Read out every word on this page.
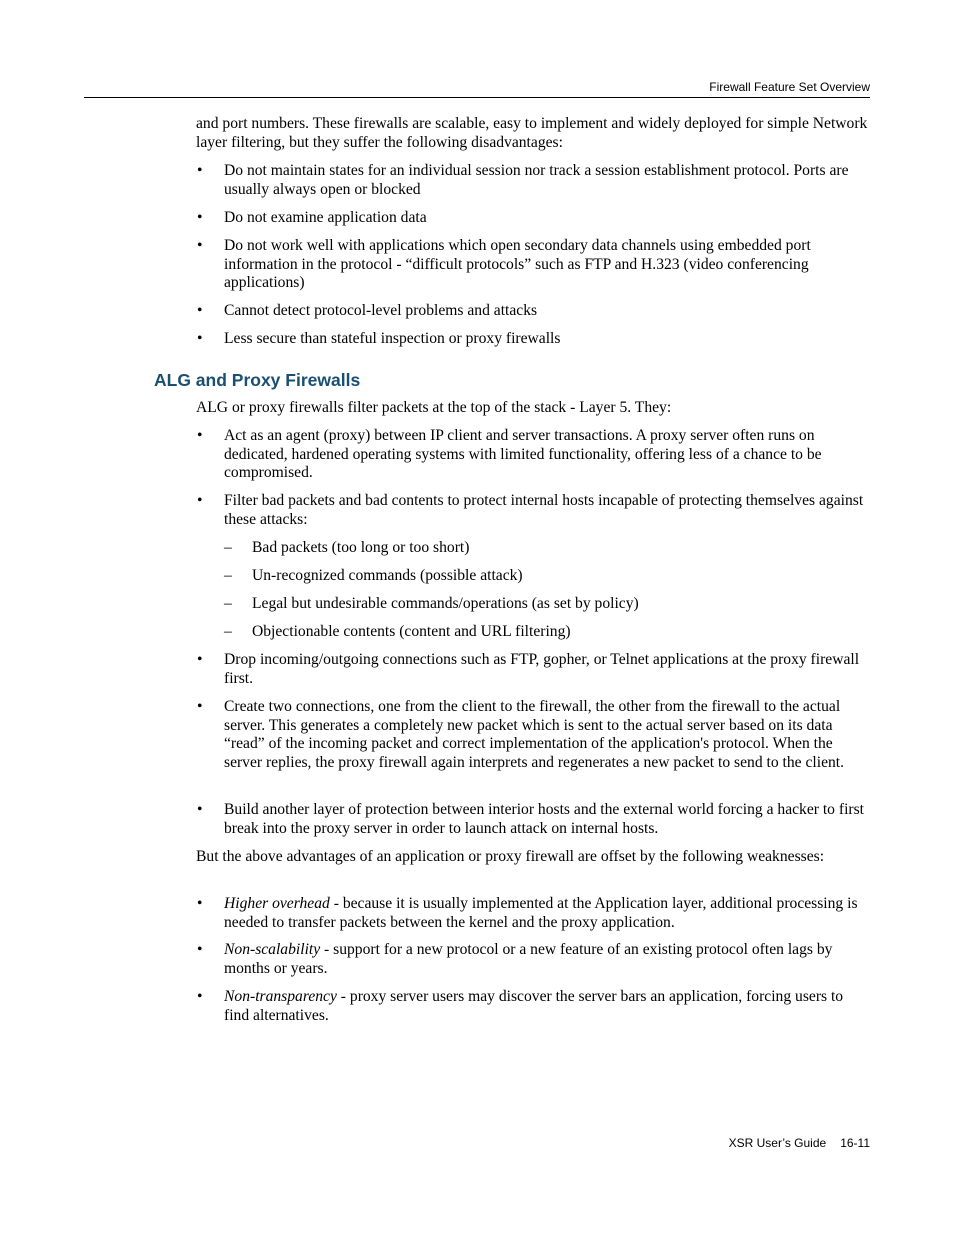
Firewall Feature Set Overview

and port numbers. These firewalls are scalable, easy to implement and widely deployed for simple Network layer filtering, but they suffer the following disadvantages:

• Do not maintain states for an individual session nor track a session establishment protocol. Ports are usually always open or blocked

• Do not examine application data

• Do not work well with applications which open secondary data channels using embedded port information in the protocol - “difficult protocols” such as FTP and H.323 (video conferencing applications)

• Cannot detect protocol-level problems and attacks

• Less secure than stateful inspection or proxy firewalls

ALG and Proxy Firewalls

ALG or proxy firewalls filter packets at the top of the stack - Layer 5. They:

• Act as an agent (proxy) between IP client and server transactions. A proxy server often runs on dedicated, hardened operating systems with limited functionality, offering less of a chance to be compromised.

• Filter bad packets and bad contents to protect internal hosts incapable of protecting themselves against these attacks:

– Bad packets (too long or too short)

– Un-recognized commands (possible attack)

– Legal but undesirable commands/operations (as set by policy)

– Objectionable contents (content and URL filtering)

• Drop incoming/outgoing connections such as FTP, gopher, or Telnet applications at the proxy firewall first.

• Create two connections, one from the client to the firewall, the other from the firewall to the actual server. This generates a completely new packet which is sent to the actual server based on its data “read” of the incoming packet and correct implementation of the application's protocol. When the server replies, the proxy firewall again interprets and regenerates a new packet to send to the client.

• Build another layer of protection between interior hosts and the external world forcing a hacker to first break into the proxy server in order to launch attack on internal hosts.

But the above advantages of an application or proxy firewall are offset by the following weaknesses:

• Higher overhead - because it is usually implemented at the Application layer, additional processing is needed to transfer packets between the kernel and the proxy application.

• Non-scalability - support for a new protocol or a new feature of an existing protocol often lags by months or years.

• Non-transparency - proxy server users may discover the server bars an application, forcing users to find alternatives.

XSR User’s Guide 16-11
